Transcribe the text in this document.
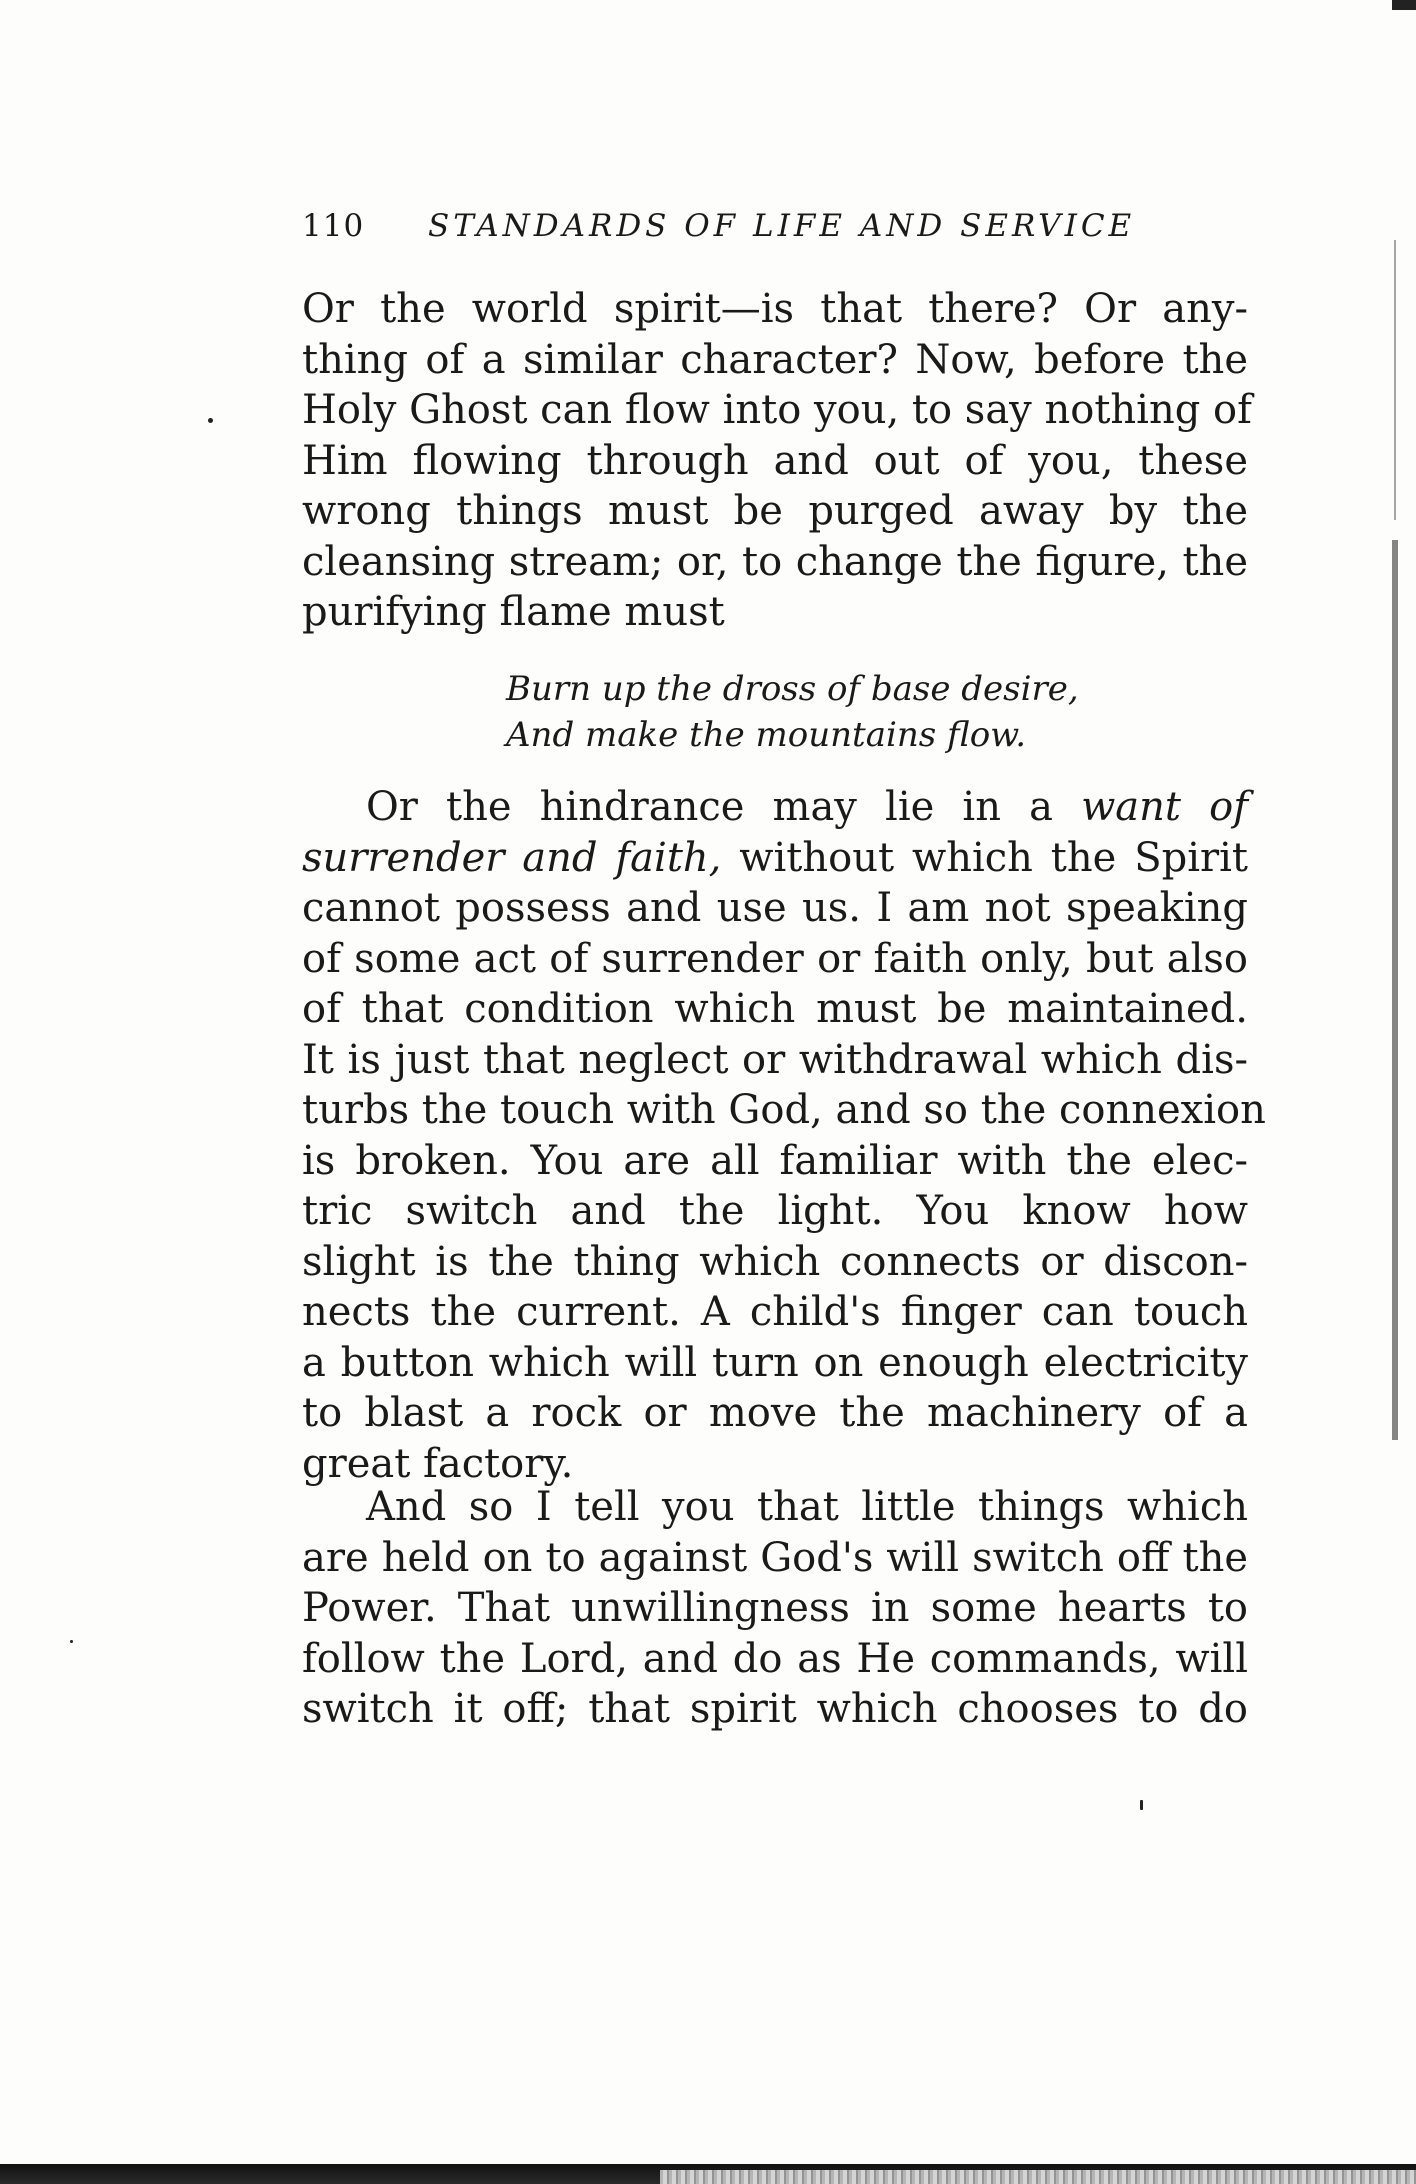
110 STANDARDS OF LIFE AND SERVICE
Or the world spirit—is that there? Or any-
thing of a similar character? Now, before the
Holy Ghost can flow into you, to say nothing of
Him flowing through and out of you, these
wrong things must be purged away by the
cleansing stream; or, to change the figure, the
purifying flame must
Burn up the dross of base desire,
And make the mountains flow.
Or the hindrance may lie in a want of
surrender and faith, without which the Spirit
cannot possess and use us. I am not speaking
of some act of surrender or faith only, but also
of that condition which must be maintained.
It is just that neglect or withdrawal which dis-
turbs the touch with God, and so the connexion
is broken. You are all familiar with the elec-
tric switch and the light. You know how
slight is the thing which connects or discon-
nects the current. A child's finger can touch
a button which will turn on enough electricity
to blast a rock or move the machinery of a
great factory.
And so I tell you that little things which
are held on to against God's will switch off the
Power. That unwillingness in some hearts to
follow the Lord, and do as He commands, will
switch it off; that spirit which chooses to do
